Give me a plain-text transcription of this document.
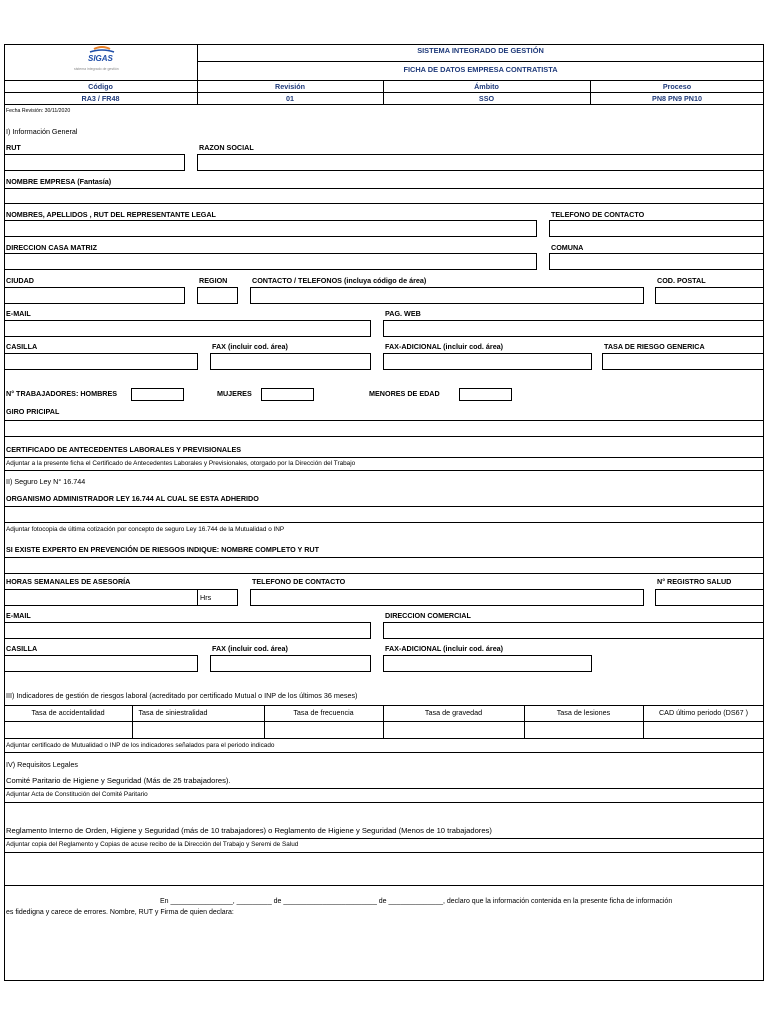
SIGAS
sistema integrado de gestión
SISTEMA INTEGRADO DE GESTIÓN
FICHA DE DATOS EMPRESA CONTRATISTA
Código	Revisión	Ámbito	Proceso
RA3 / FR48	01	SSO	PN8 PN9 PN10
Fecha Revisión: 30/11/2020
I) Información General
RUT	RAZON SOCIAL
NOMBRE EMPRESA (Fantasía)
NOMBRES, APELLIDOS , RUT DEL REPRESENTANTE LEGAL	TELEFONO DE CONTACTO
DIRECCION CASA MATRIZ	COMUNA
CIUDAD	REGION	CONTACTO / TELEFONOS (incluya código de área)	COD. POSTAL
E-MAIL	PAG. WEB
CASILLA	FAX (incluir cod. área)	FAX-ADICIONAL (incluir cod. área)	TASA DE RIESGO GENERICA
N° TRABAJADORES: HOMBRES	MUJERES	MENORES DE EDAD
GIRO PRICIPAL
CERTIFICADO DE ANTECEDENTES LABORALES Y PREVISIONALES
Adjuntar a la presente ficha el Certificado de Antecedentes Laborales y Previsionales, otorgado por la Dirección del Trabajo
II) Seguro Ley N° 16.744
ORGANISMO ADMINISTRADOR LEY 16.744 AL CUAL SE ESTA ADHERIDO
Adjuntar fotocopia de última cotización por concepto de seguro Ley 16.744 de la Mutualidad o INP
SI EXISTE EXPERTO EN PREVENCIÓN DE RIESGOS INDIQUE: NOMBRE COMPLETO Y RUT
HORAS SEMANALES DE ASESORÍA	TELEFONO DE CONTACTO	N° REGISTRO SALUD
Hrs
E-MAIL	DIRECCION COMERCIAL
CASILLA	FAX (incluir cod. área)	FAX-ADICIONAL (incluir cod. área)
III) Indicadores de gestión de riesgos laboral (acreditado por certificado Mutual o INP de los últimos 36 meses)
Tasa de accidentalidad	Tasa de siniestralidad	Tasa de frecuencia	Tasa de gravedad	Tasa de lesiones	CAD último periodo (DS67 )
Adjuntar certificado de Mutualidad o INP de los indicadores señalados para el periodo indicado
IV) Requisitos Legales
Comité Paritario de Higiene y Seguridad (Más de 25 trabajadores).
Adjuntar Acta de Constitución del Comité Paritario
Reglamento Interno de Orden, Higiene y Seguridad (más de 10 trabajadores) o Reglamento de Higiene y Seguridad (Menos de 10 trabajadores)
Adjuntar copia del Reglamento y Copias de acuse recibo de la Dirección del Trabajo y Seremi de Salud
En ________________, _________ de ________________________ de ______________, declaro que la información contenida en la presente ficha de información
es fidedigna y carece de errores. Nombre, RUT y Firma de quien declara:
